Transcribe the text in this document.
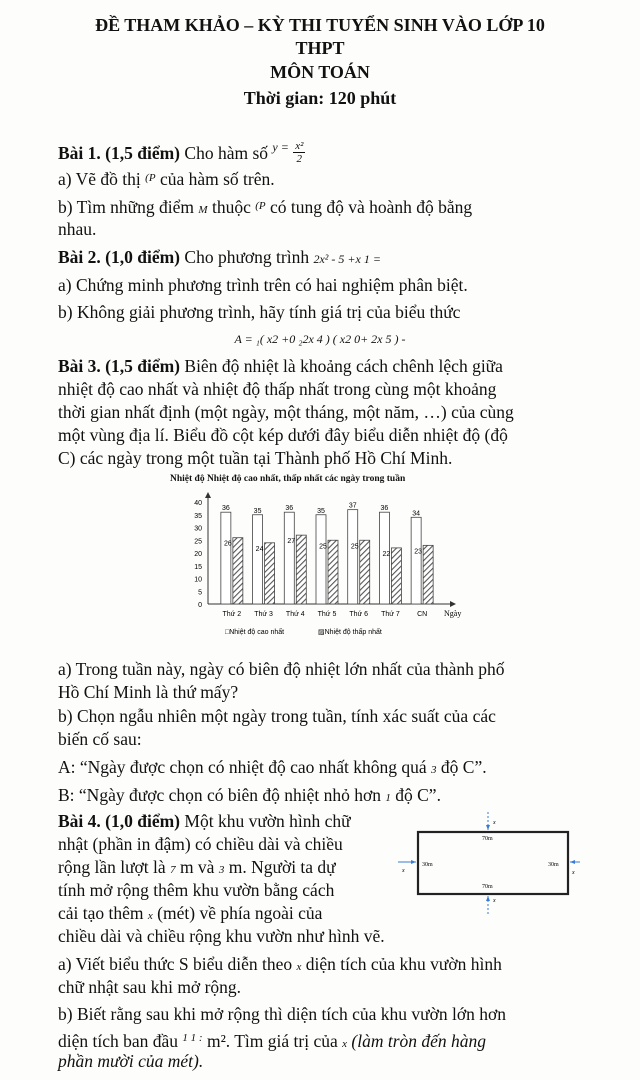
ĐỀ THAM KHẢO – KỲ THI TUYỂN SINH VÀO LỚP 10
THPT
MÔN TOÁN
Thời gian: 120 phút
Bài 1. (1,5 điểm) Cho hàm số $^{y =} \frac{\text{x²}}{2}$
a) Vẽ đồ thị $^{(P}$ của hàm số trên.
b) Tìm những điểm M thuộc $^{(P}$ có tung độ và hoành độ bằng
nhau.
Bài 2. (1,0 điểm) Cho phương trình 2x² - 5 +x 1 =
a) Chứng minh phương trình trên có hai nghiệm phân biệt.
b) Không giải phương trình, hãy tính giá trị của biểu thức
A = ₁( x2 +0 ₂2x 4 ) ( x2 0+ 2x 5 ) -
Bài 3. (1,5 điểm) Biên độ nhiệt là khoảng cách chênh lệch giữa
nhiệt độ cao nhất và nhiệt độ thấp nhất trong cùng một khoảng
thời gian nhất định (một ngày, một tháng, một năm, …) của cùng
một vùng địa lí. Biểu đồ cột kép dưới đây biểu diễn nhiệt độ (độ
C) các ngày trong một tuần tại Thành phố Hồ Chí Minh.
Nhiệt độ Nhiệt độ cao nhất, thấp nhất các ngày trong tuần
0
5
10
15
20
25
30
35
40
36
26
Thứ 2
35
24
Thứ 3
36
27
Thứ 4
35
25
Thứ 5
37
25
Thứ 6
36
22
Thứ 7
34
23
CN Ngày
□Nhiệt độ cao nhất	▨Nhiệt độ thấp nhất
a) Trong tuần này, ngày có biên độ nhiệt lớn nhất của thành phố
Hồ Chí Minh là thứ mấy?
b) Chọn ngẫu nhiên một ngày trong tuần, tính xác suất của các
biến cố sau:
A: “Ngày được chọn có nhiệt độ cao nhất không quá 3 độ C”.
B: “Ngày được chọn có biên độ nhiệt nhỏ hơn 1 độ C”.
Bài 4. (1,0 điểm) Một khu vườn hình chữ
nhật (phần in đậm) có chiều dài và chiều
rộng lần lượt là 7 m và 3 m. Người ta dự
tính mở rộng thêm khu vườn bằng cách
cải tạo thêm x (mét) về phía ngoài của
chiều dài và chiều rộng khu vườn như hình vẽ.
x
70m
30m	30m
x	x
70m
x
a) Viết biểu thức S biểu diễn theo x diện tích của khu vườn hình
chữ nhật sau khi mở rộng.
b) Biết rằng sau khi mở rộng thì diện tích của khu vườn lớn hơn
diện tích ban đầu $^{1 1 :}$ m². Tìm giá trị của x (làm tròn đến hàng
phần mười của mét).
